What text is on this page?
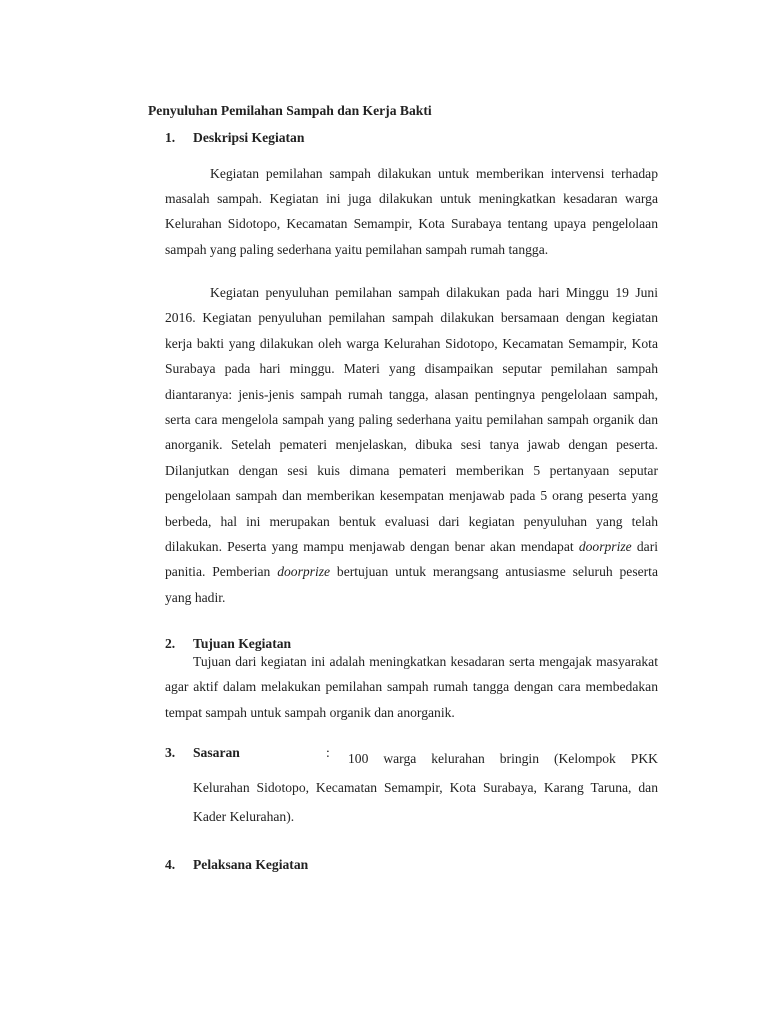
Penyuluhan Pemilahan Sampah dan Kerja Bakti
1. Deskripsi Kegiatan

Kegiatan pemilahan sampah dilakukan untuk memberikan intervensi terhadap masalah sampah. Kegiatan ini juga dilakukan untuk meningkatkan kesadaran warga Kelurahan Sidotopo, Kecamatan Semampir, Kota Surabaya tentang upaya pengelolaan sampah yang paling sederhana yaitu pemilahan sampah rumah tangga.

Kegiatan penyuluhan pemilahan sampah dilakukan pada hari Minggu 19 Juni 2016. Kegiatan penyuluhan pemilahan sampah dilakukan bersamaan dengan kegiatan kerja bakti yang dilakukan oleh warga Kelurahan Sidotopo, Kecamatan Semampir, Kota Surabaya pada hari minggu. Materi yang disampaikan seputar pemilahan sampah diantaranya: jenis-jenis sampah rumah tangga, alasan pentingnya pengelolaan sampah, serta cara mengelola sampah yang paling sederhana yaitu pemilahan sampah organik dan anorganik. Setelah pemateri menjelaskan, dibuka sesi tanya jawab dengan peserta. Dilanjutkan dengan sesi kuis dimana pemateri memberikan 5 pertanyaan seputar pengelolaan sampah dan memberikan kesempatan menjawab pada 5 orang peserta yang berbeda, hal ini merupakan bentuk evaluasi dari kegiatan penyuluhan yang telah dilakukan. Peserta yang mampu menjawab dengan benar akan mendapat doorprize dari panitia. Pemberian doorprize bertujuan untuk merangsang antusiasme seluruh peserta yang hadir.

2. Tujuan Kegiatan

Tujuan dari kegiatan ini adalah meningkatkan kesadaran serta mengajak masyarakat agar aktif dalam melakukan pemilahan sampah rumah tangga dengan cara membedakan tempat sampah untuk sampah organik dan anorganik.

3. Sasaran	:	100 warga kelurahan bringin (Kelompok PKK Kelurahan Sidotopo, Kecamatan Semampir, Kota Surabaya, Karang Taruna, dan Kader Kelurahan).

4. Pelaksana Kegiatan
